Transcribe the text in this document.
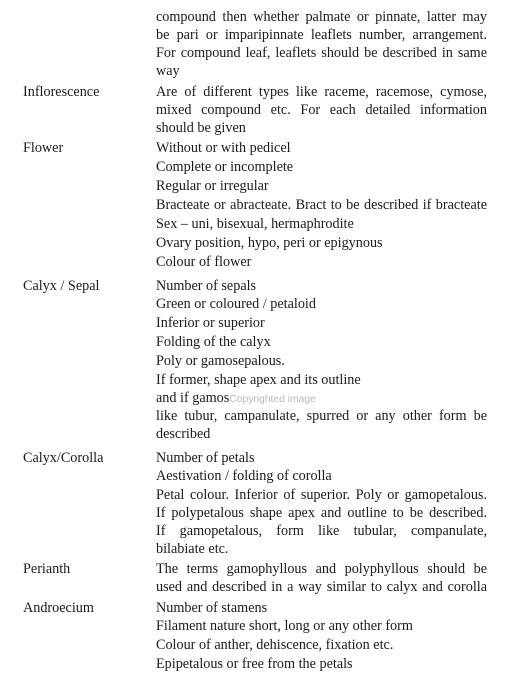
compound then whether palmate or pinnate, latter may
be pari or imparipinnate leaflets number, arrangement.
For compound leaf, leaflets should be described in same
way
Inflorescence	Are of different types like raceme, racemose, cymose,
mixed compound etc. For each detailed information
should be given
Flower	Without or with pedicel
Complete or incomplete
Regular or irregular
Bracteate or abracteate. Bract to be described if bracteate
Sex – uni, bisexual, hermaphrodite
Ovary position, hypo, peri or epigynous
Colour of flower
Calyx / Sepal	Number of sepals
Green or coloured / petaloid
Inferior or superior
Folding of the calyx
Poly or gamosepalous.
If former, shape apex and its outline
and if gamosCopyrighted image
like tubur, campanulate, spurred or any other form be
described
Calyx/Corolla	Number of petals
Aestivation / folding of corolla
Petal colour. Inferior of superior. Poly or gamopetalous.
If polypetalous shape apex and outline to be described.
If gamopetalous, form like tubular, companulate,
bilabiate etc.
Perianth	The terms gamophyllous and polyphyllous should be
used and described in a way similar to calyx and corolla
Androecium	Number of stamens
Filament nature short, long or any other form
Colour of anther, dehiscence, fixation etc.
Epipetalous or free from the petals
